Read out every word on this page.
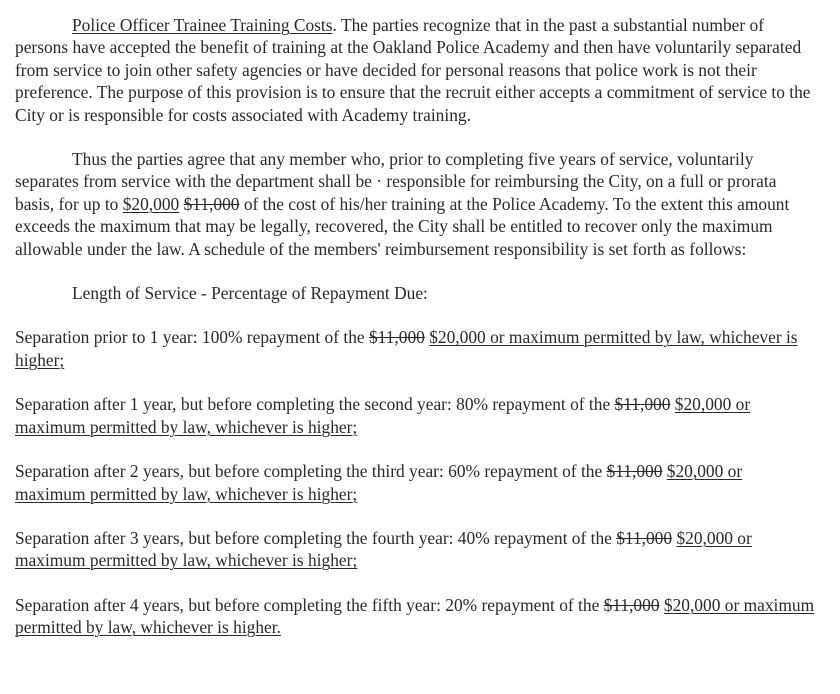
Police Officer Trainee Training Costs. The parties recognize that in the past a substantial number of persons have accepted the benefit of training at the Oakland Police Academy and then have voluntarily separated from service to join other safety agencies or have decided for personal reasons that police work is not their preference. The purpose of this provision is to ensure that the recruit either accepts a commitment of service to the City or is responsible for costs associated with Academy training.

Thus the parties agree that any member who, prior to completing five years of service, voluntarily separates from service with the department shall be · responsible for reimbursing the City, on a full or prorata basis, for up to $20,000 $11,000 of the cost of his/her training at the Police Academy. To the extent this amount exceeds the maximum that may be legally, recovered, the City shall be entitled to recover only the maximum allowable under the law. A schedule of the members' reimbursement responsibility is set forth as follows:

Length of Service - Percentage of Repayment Due:

Separation prior to 1 year: 100% repayment of the $11,000 $20,000 or maximum permitted by law, whichever is higher;

Separation after 1 year, but before completing the second year: 80% repayment of the $11,000 $20,000 or maximum permitted by law, whichever is higher;

Separation after 2 years, but before completing the third year: 60% repayment of the $11,000 $20,000 or maximum permitted by law, whichever is higher;

Separation after 3 years, but before completing the fourth year: 40% repayment of the $11,000 $20,000 or maximum permitted by law, whichever is higher;

Separation after 4 years, but before completing the fifth year: 20% repayment of the $11,000 $20,000 or maximum permitted by law, whichever is higher.
